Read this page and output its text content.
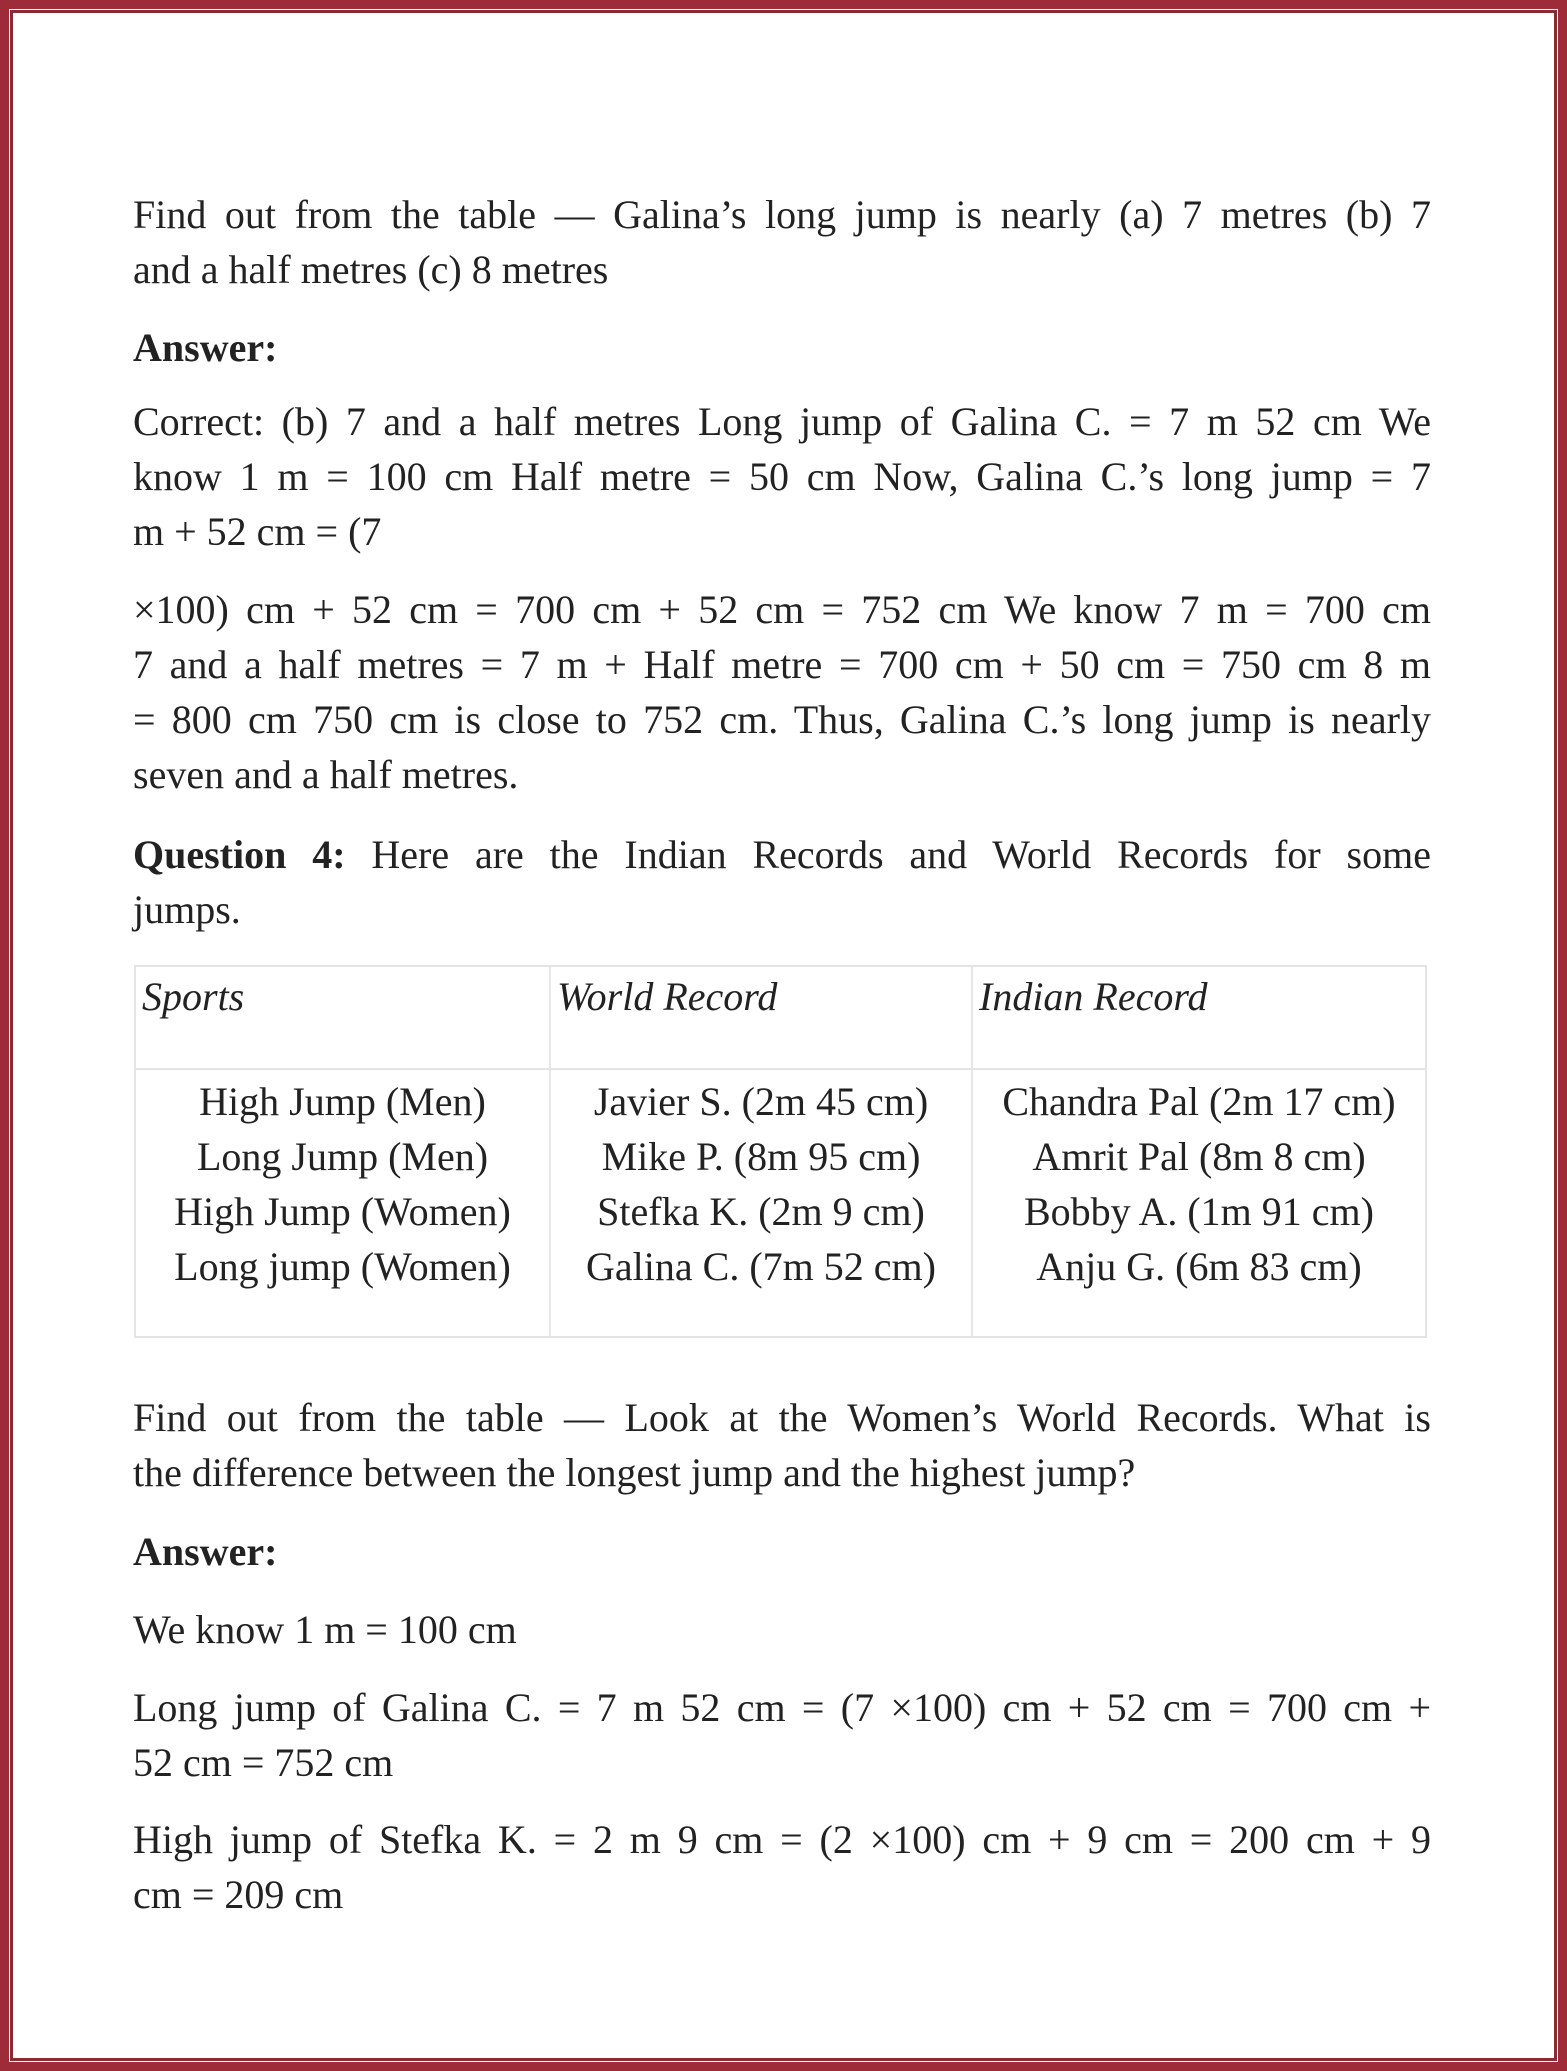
Find out from the table — Galina’s long jump is nearly (a) 7 metres (b) 7
and a half metres (c) 8 metres
Answer:
Correct: (b) 7 and a half metres Long jump of Galina C. = 7 m 52 cm We
know 1 m = 100 cm Half metre = 50 cm Now, Galina C.’s long jump = 7
m + 52 cm = (7
×100) cm + 52 cm = 700 cm + 52 cm = 752 cm We know 7 m = 700 cm
7 and a half metres = 7 m + Half metre = 700 cm + 50 cm = 750 cm 8 m
= 800 cm 750 cm is close to 752 cm. Thus, Galina C.’s long jump is nearly
seven and a half metres.
Question 4: Here are the Indian Records and World Records for some
jumps.
Sports	World Record	Indian Record
High Jump (Men)	Javier S. (2m 45 cm)	Chandra Pal (2m 17 cm)
Long Jump (Men)	Mike P. (8m 95 cm)	Amrit Pal (8m 8 cm)
High Jump (Women)	Stefka K. (2m 9 cm)	Bobby A. (1m 91 cm)
Long jump (Women)	Galina C. (7m 52 cm)	Anju G. (6m 83 cm)
Find out from the table — Look at the Women’s World Records. What is
the difference between the longest jump and the highest jump?
Answer:
We know 1 m = 100 cm
Long jump of Galina C. = 7 m 52 cm = (7 ×100) cm + 52 cm = 700 cm +
52 cm = 752 cm
High jump of Stefka K. = 2 m 9 cm = (2 ×100) cm + 9 cm = 200 cm + 9
cm = 209 cm
